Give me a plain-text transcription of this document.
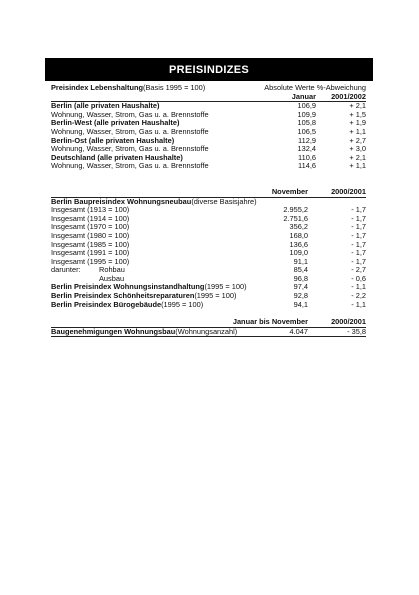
PREISINDIZES
Preisindex Lebenshaltung(Basis 1995 = 100)	Absolute Werte %-Abweichung
Januar	2001/2002
Berlin (alle privaten Haushalte)	106,9	+ 2,1
Wohnung, Wasser, Strom, Gas u. a. Brennstoffe	109,9	+ 1,5
Berlin-West (alle privaten Haushalte)	105,8	+ 1,9
Wohnung, Wasser, Strom, Gas u. a. Brennstoffe	106,5	+ 1,1
Berlin-Ost (alle privaten Haushalte)	112,9	+ 2,7
Wohnung, Wasser, Strom, Gas u. a. Brennstoffe	132,4	+ 3,0
Deutschland (alle privaten Haushalte)	110,6	+ 2,1
Wohnung, Wasser, Strom, Gas u. a. Brennstoffe	114,6	+ 1,1
November	2000/2001
Berlin Baupreisindex Wohnungsneubau(diverse Basisjahre)
Insgesamt (1913 = 100)	2.955,2	- 1,7
Insgesamt (1914 = 100)	2.751,6	- 1,7
Insgesamt (1970 = 100)	356,2	- 1,7
Insgesamt (1980 = 100)	168,0	- 1,7
Insgesamt (1985 = 100)	136,6	- 1,7
Insgesamt (1991 = 100)	109,0	- 1,7
Insgesamt (1995 = 100)	91,1	- 1,7
darunter: Rohbau	85,4	- 2,7
Ausbau	96,8	- 0,6
Berlin Preisindex Wohnungsinstandhaltung(1995 = 100)	97,4	- 1,1
Berlin Preisindex Schönheitsreparaturen(1995 = 100)	92,8	- 2,2
Berlin Preisindex Bürogebäude(1995 = 100)	94,1	- 1,1
Januar bis November	2000/2001
Baugenehmigungen Wohnungsbau(Wohnungsanzahl)	4.047	- 35,8
